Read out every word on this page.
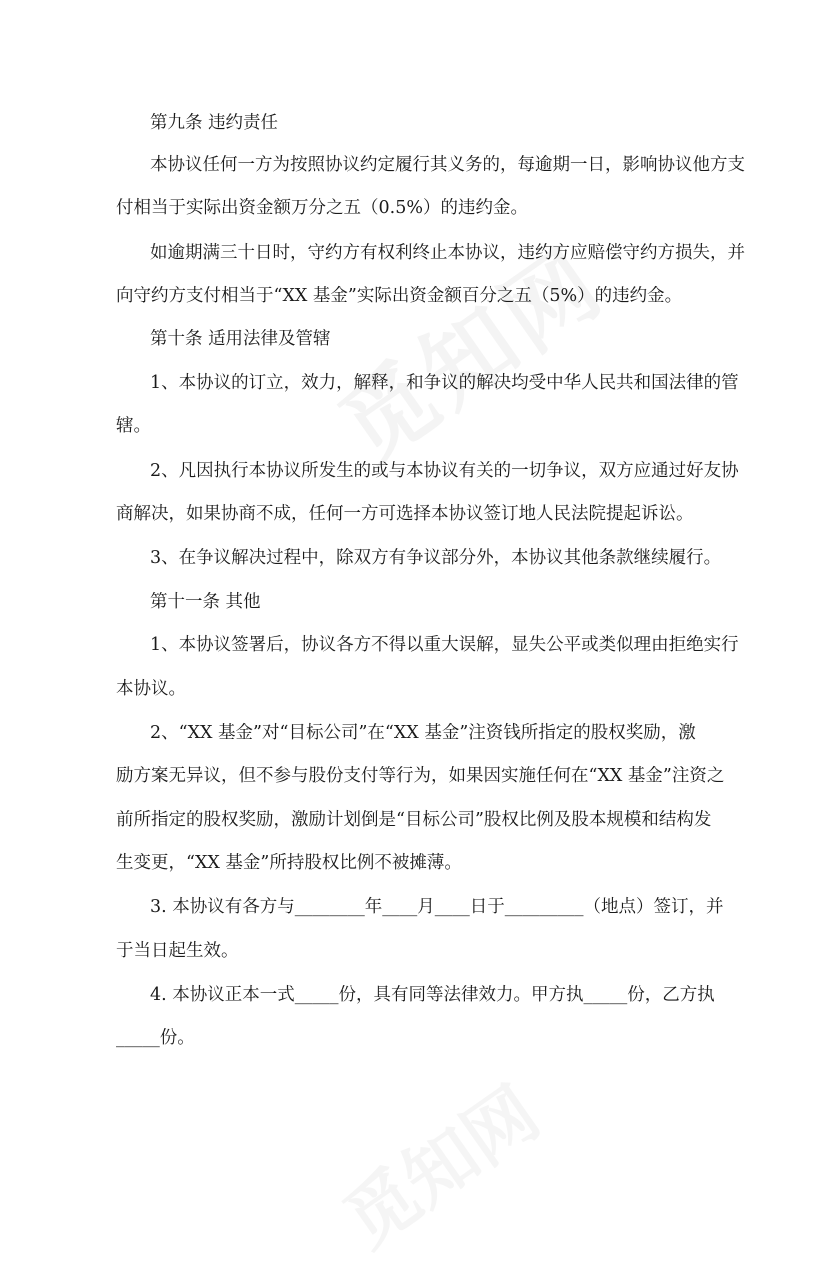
第九条 违约责任
本协议任何一方为按照协议约定履行其义务的，每逾期一日，影响协议他方支
付相当于实际出资金额万分之五（0.5%）的违约金。
如逾期满三十日时，守约方有权利终止本协议，违约方应赔偿守约方损失，并
向守约方支付相当于“XX 基金”实际出资金额百分之五（5%）的违约金。
第十条 适用法律及管辖
1、本协议的订立，效力，解释，和争议的解决均受中华人民共和国法律的管
辖。
2、凡因执行本协议所发生的或与本协议有关的一切争议，双方应通过好友协
商解决，如果协商不成，任何一方可选择本协议签订地人民法院提起诉讼。
3、在争议解决过程中，除双方有争议部分外，本协议其他条款继续履行。
第十一条 其他
1、本协议签署后，协议各方不得以重大误解，显失公平或类似理由拒绝实行
本协议。
2、“XX 基金”对“目标公司”在“XX 基金”注资钱所指定的股权奖励，激
励方案无异议，但不参与股份支付等行为，如果因实施任何在“XX 基金”注资之
前所指定的股权奖励，激励计划倒是“目标公司”股权比例及股本规模和结构发
生变更，“XX 基金”所持股权比例不被摊薄。
3. 本协议有各方与________年____月____日于_________（地点）签订，并
于当日起生效。
4. 本协议正本一式_____份，具有同等法律效力。甲方执_____份，乙方执
_____份。
